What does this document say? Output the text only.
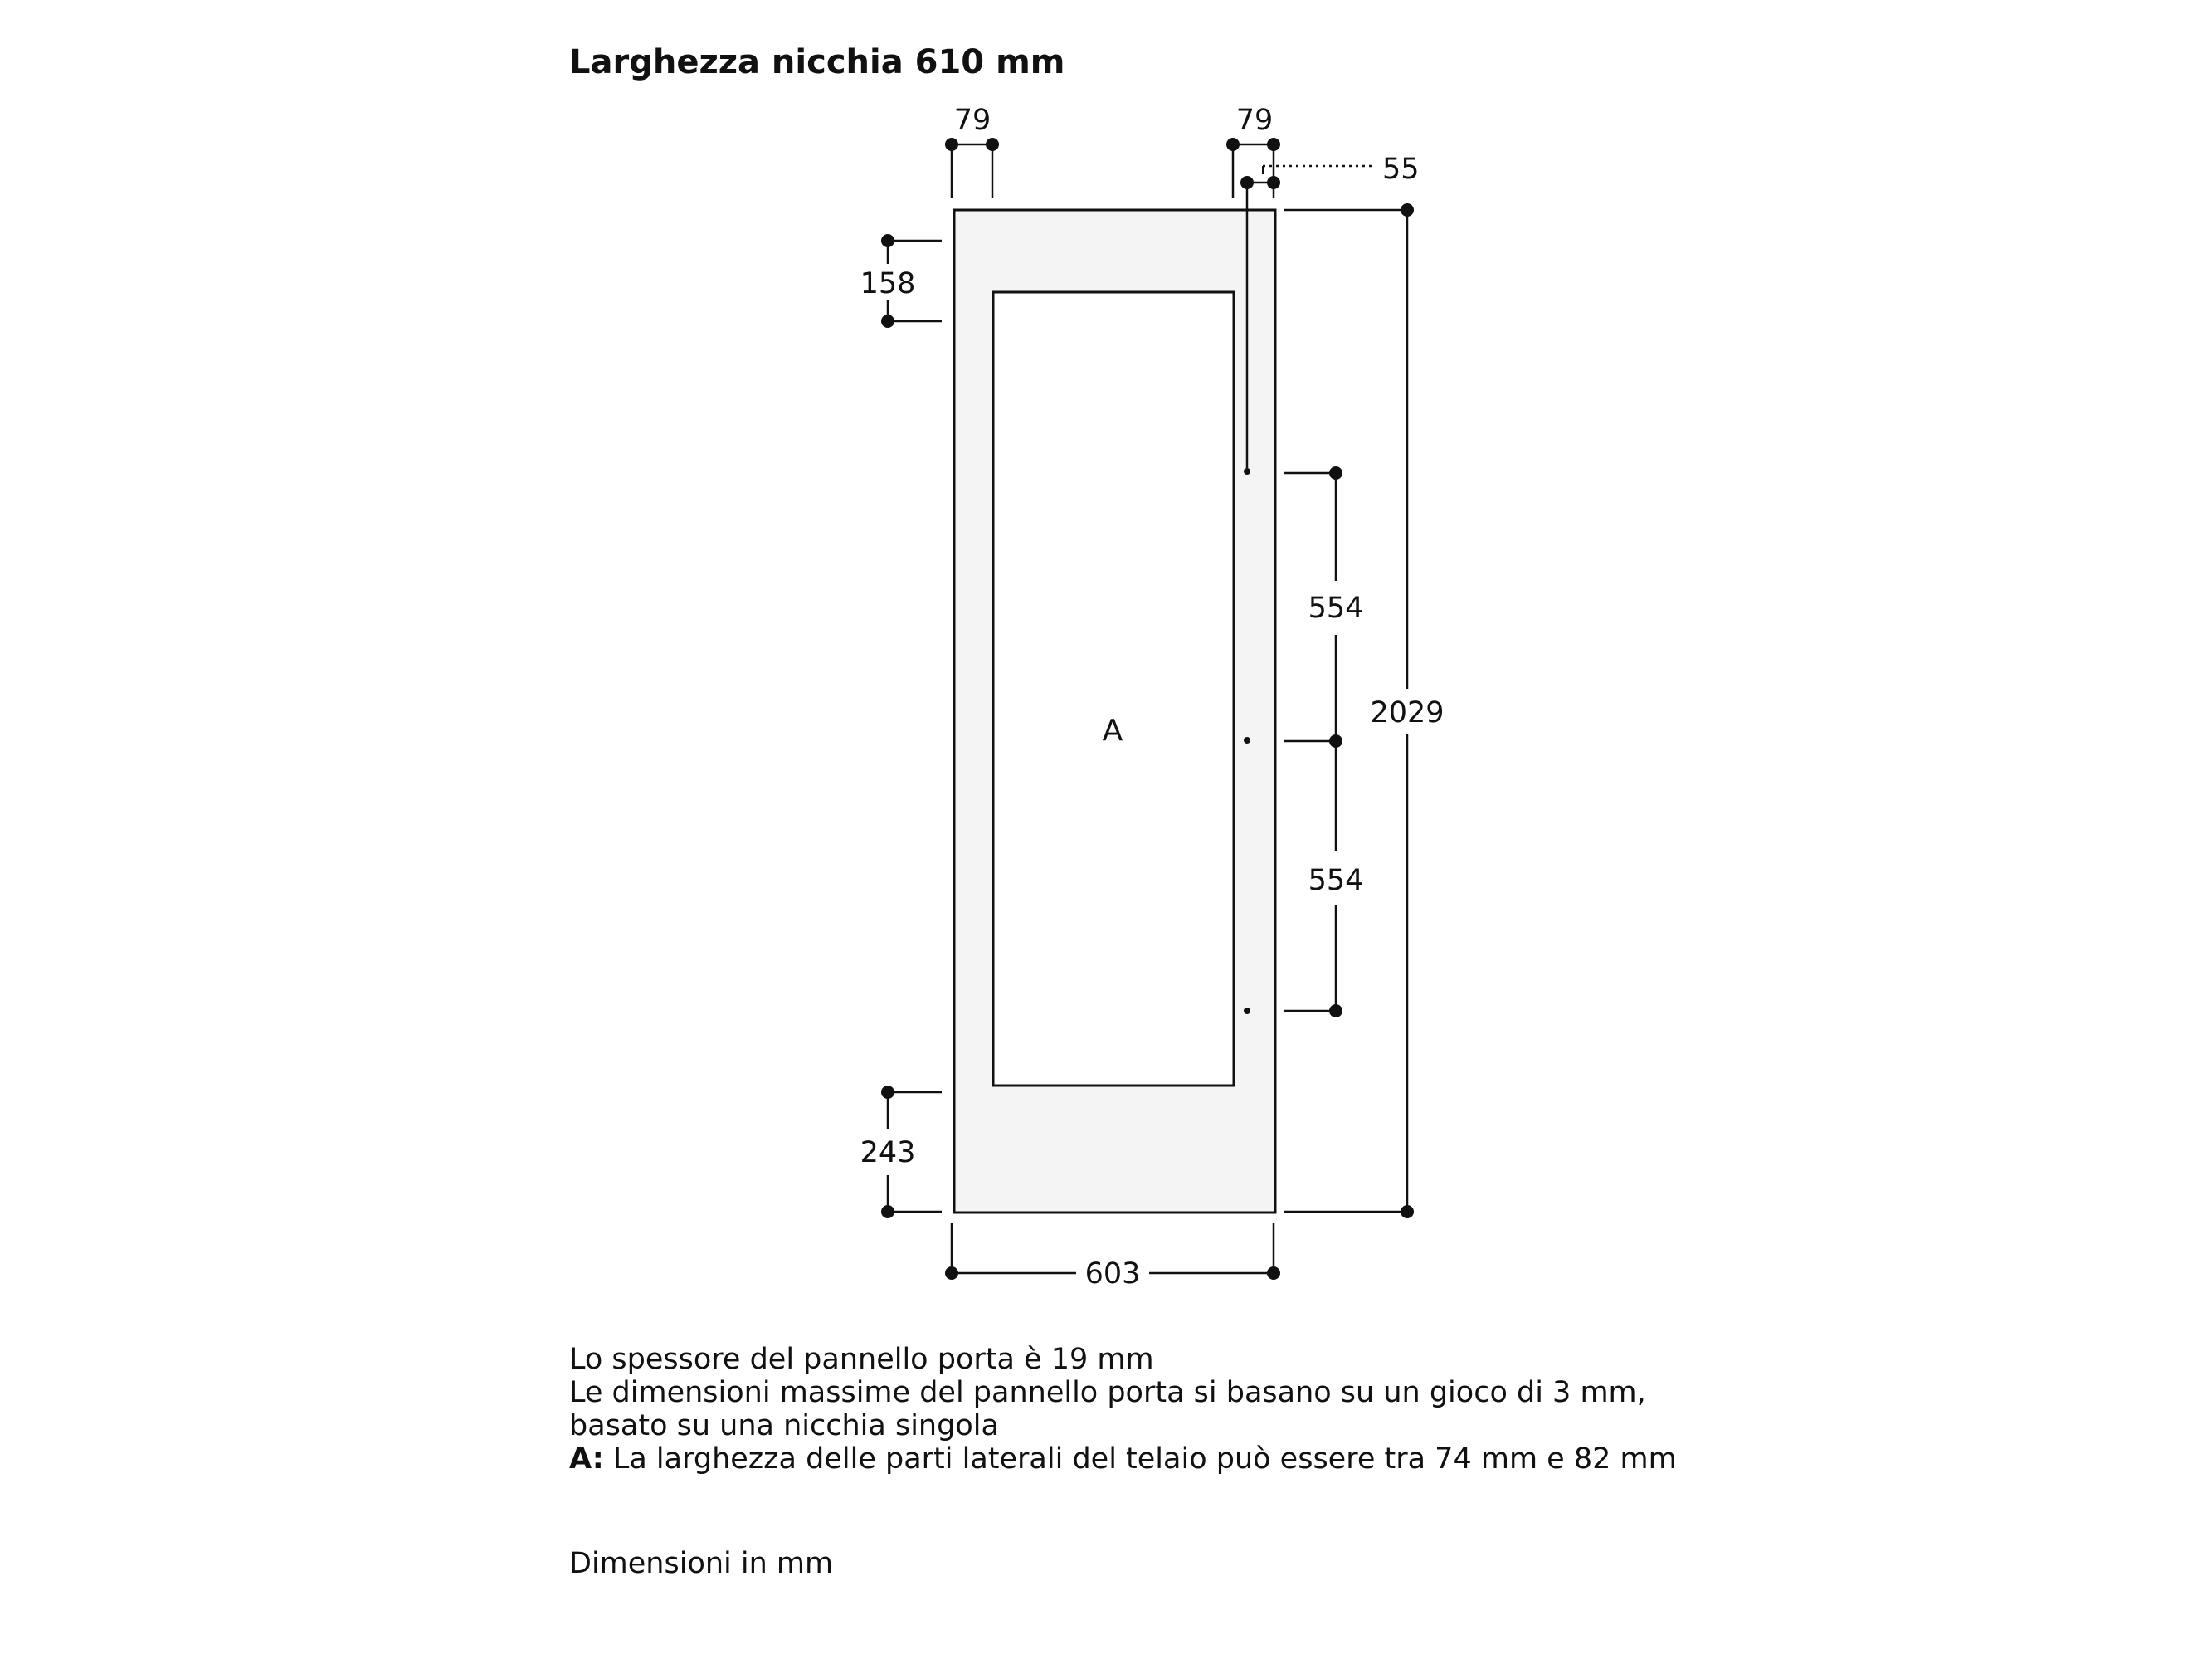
Larghezza nicchia 610 mm
A
79	79
55
158
243
554
554
2029
603

Lo spessore del pannello porta è 19 mm

Le dimensioni massime del pannello porta si basano su un gioco di 3 mm,

basato su una nicchia singola

A: La larghezza delle parti laterali del telaio può essere tra 74 mm e 82 mm

Dimensioni in mm
